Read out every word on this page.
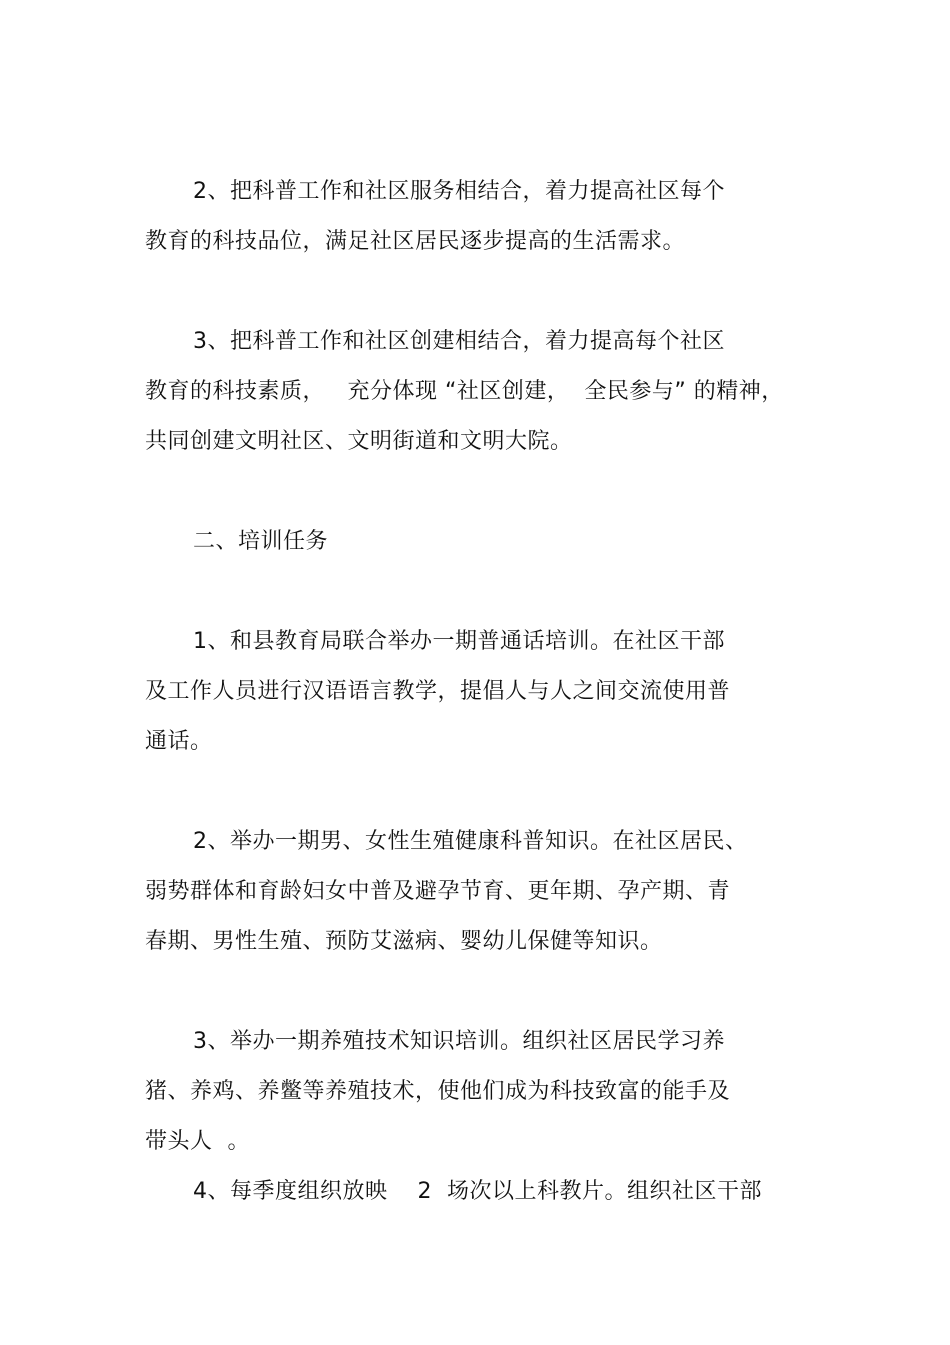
2、把科普工作和社区服务相结合，着力提高社区每个
教育的科技品位，满足社区居民逐步提高的生活需求。
3、把科普工作和社区创建相结合，着力提高每个社区
教育的科技素质，   充分体现 “社区创建，  全民参与” 的精神，
共同创建文明社区、文明街道和文明大院。
二、培训任务
1、和县教育局联合举办一期普通话培训。在社区干部
及工作人员进行汉语语言教学，提倡人与人之间交流使用普
通话。
2、举办一期男、女性生殖健康科普知识。在社区居民、
弱势群体和育龄妇女中普及避孕节育、更年期、孕产期、青
春期、男性生殖、预防艾滋病、婴幼儿保健等知识。
3、举办一期养殖技术知识培训。组织社区居民学习养
猪、养鸡、养鳖等养殖技术，使他们成为科技致富的能手及
带头人  。
4、每季度组织放映    2  场次以上科教片。组织社区干部
